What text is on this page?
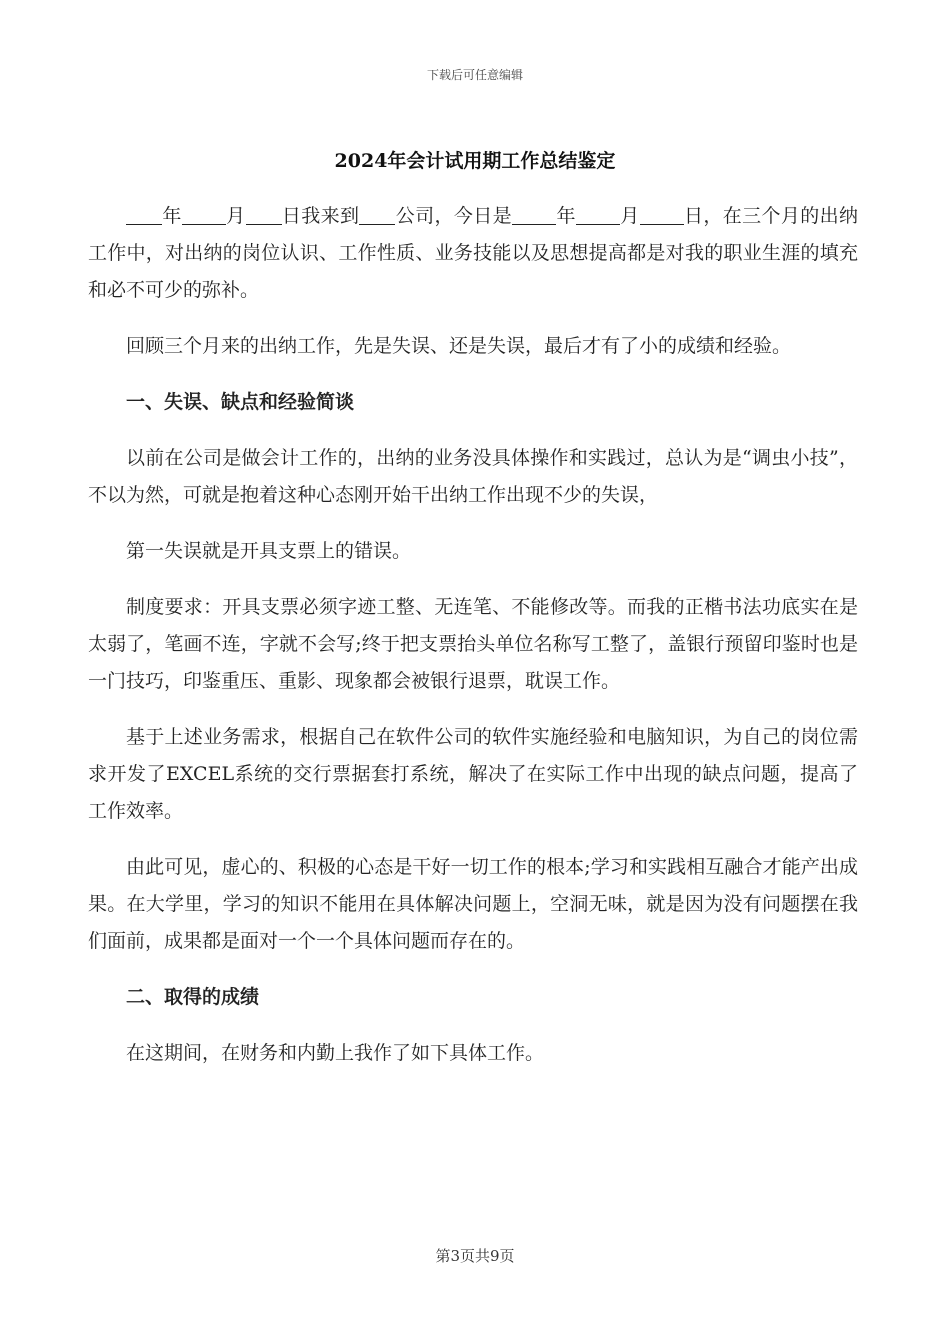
下载后可任意编辑
2024年会计试用期工作总结鉴定

年 月 日我来到 公司，今日是 年 月 日，在三个月的出纳工作中，对出纳的岗位认识、工作性质、业务技能以及思想提高都是对我的职业生涯的填充和必不可少的弥补。

回顾三个月来的出纳工作，先是失误、还是失误，最后才有了小的成绩和经验。

一、失误、缺点和经验简谈

以前在公司是做会计工作的，出纳的业务没具体操作和实践过，总认为是“调虫小技”，不以为然，可就是抱着这种心态刚开始干出纳工作出现不少的失误，

第一失误就是开具支票上的错误。

制度要求：开具支票必须字迹工整、无连笔、不能修改等。而我的正楷书法功底实在是太弱了，笔画不连，字就不会写;终于把支票抬头单位名称写工整了，盖银行预留印鉴时也是一门技巧，印鉴重压、重影、现象都会被银行退票，耽误工作。

基于上述业务需求，根据自己在软件公司的软件实施经验和电脑知识，为自己的岗位需求开发了EXCEL系统的交行票据套打系统，解决了在实际工作中出现的缺点问题，提高了工作效率。

由此可见，虚心的、积极的心态是干好一切工作的根本;学习和实践相互融合才能产出成果。在大学里，学习的知识不能用在具体解决问题上，空洞无味，就是因为没有问题摆在我们面前，成果都是面对一个一个具体问题而存在的。

二、取得的成绩

在这期间，在财务和内勤上我作了如下具体工作。

第3页共9页
